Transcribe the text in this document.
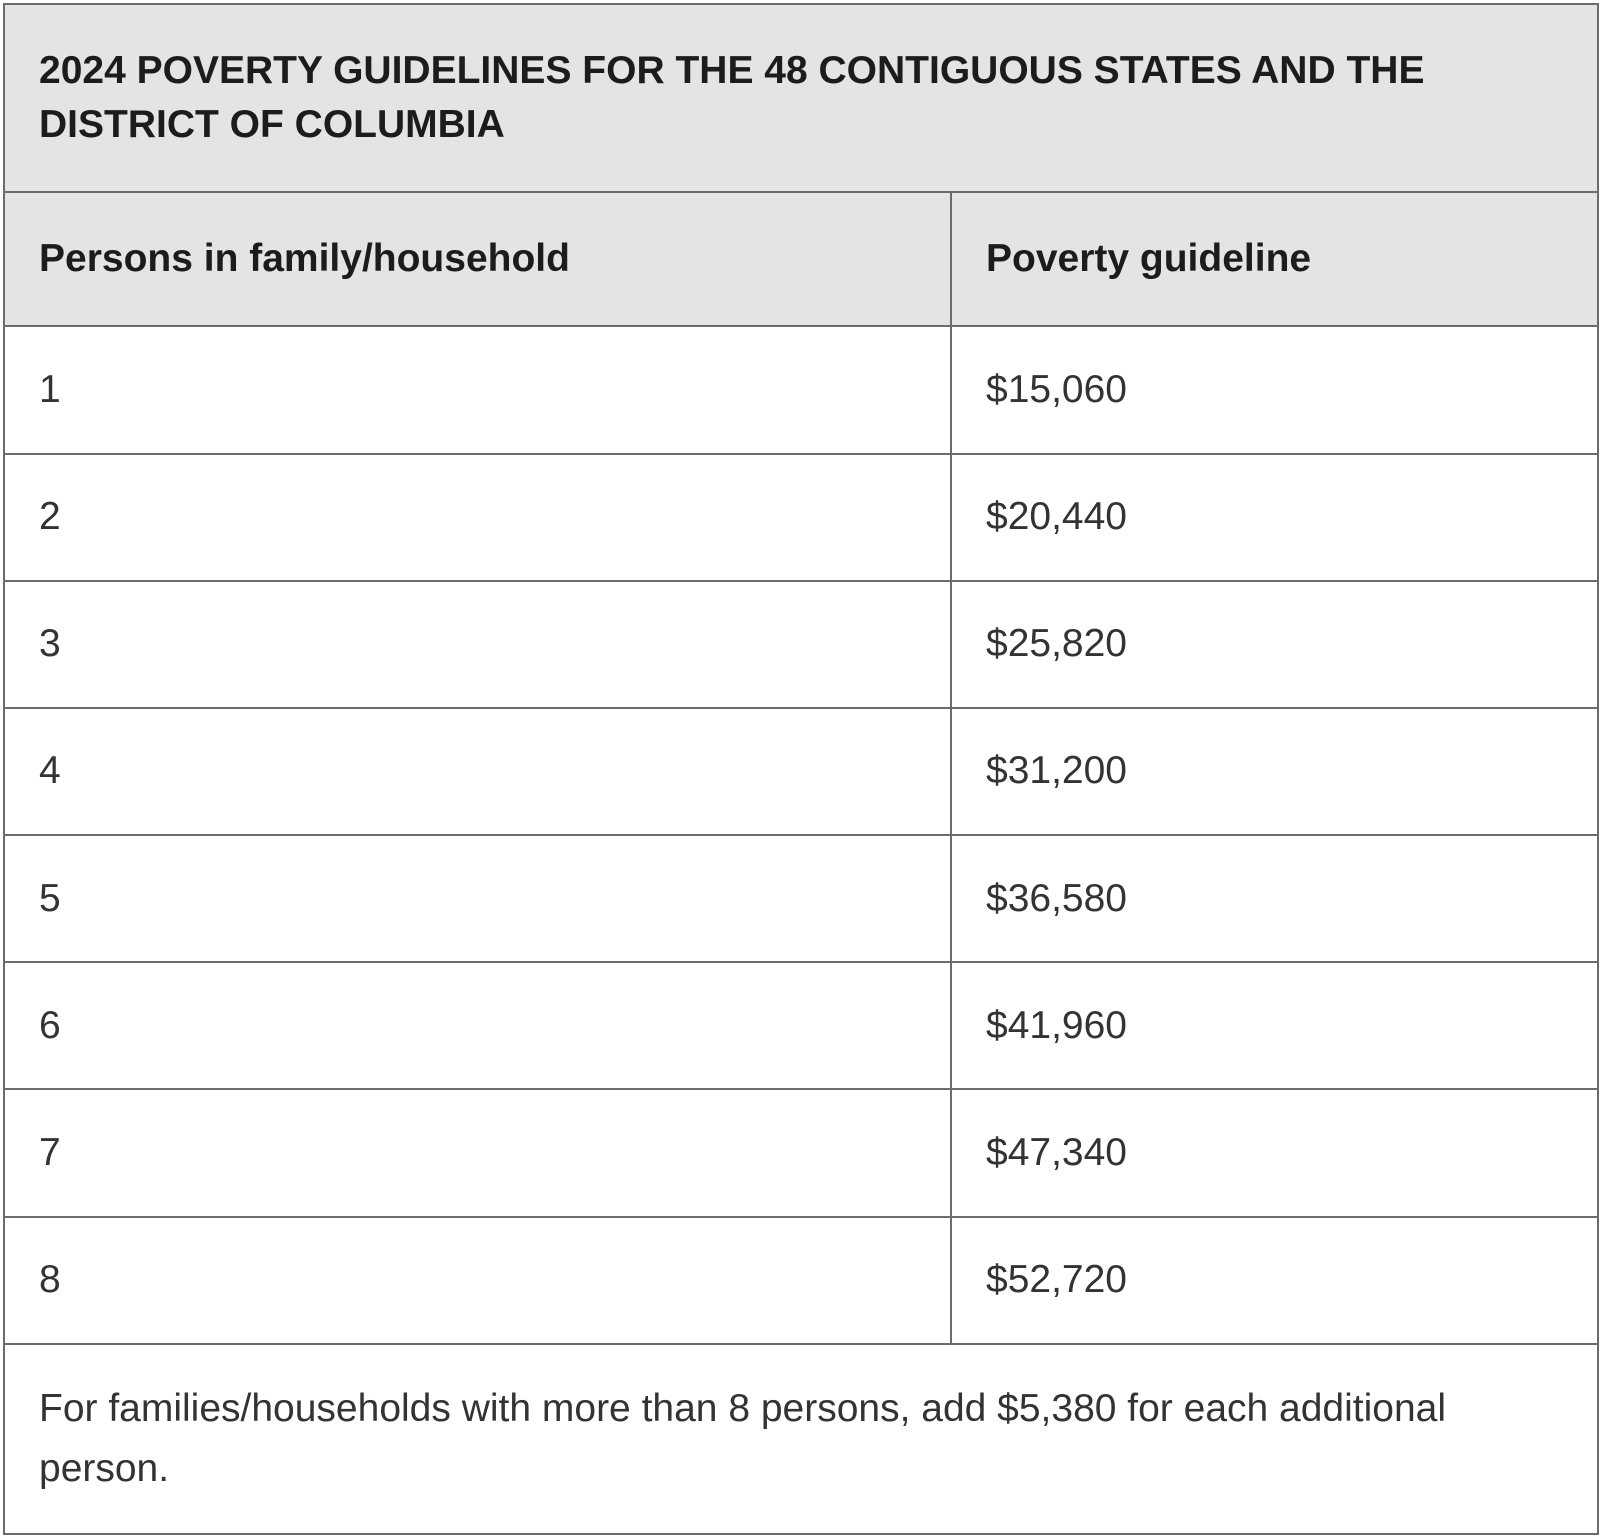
2024 POVERTY GUIDELINES FOR THE 48 CONTIGUOUS STATES AND THE DISTRICT OF COLUMBIA	
Persons in family/household	Poverty guideline
1	$15,060
2	$20,440
3	$25,820
4	$31,200
5	$36,580
6	$41,960
7	$47,340
8	$52,720
For families/households with more than 8 persons, add $5,380 for each additional person.	
